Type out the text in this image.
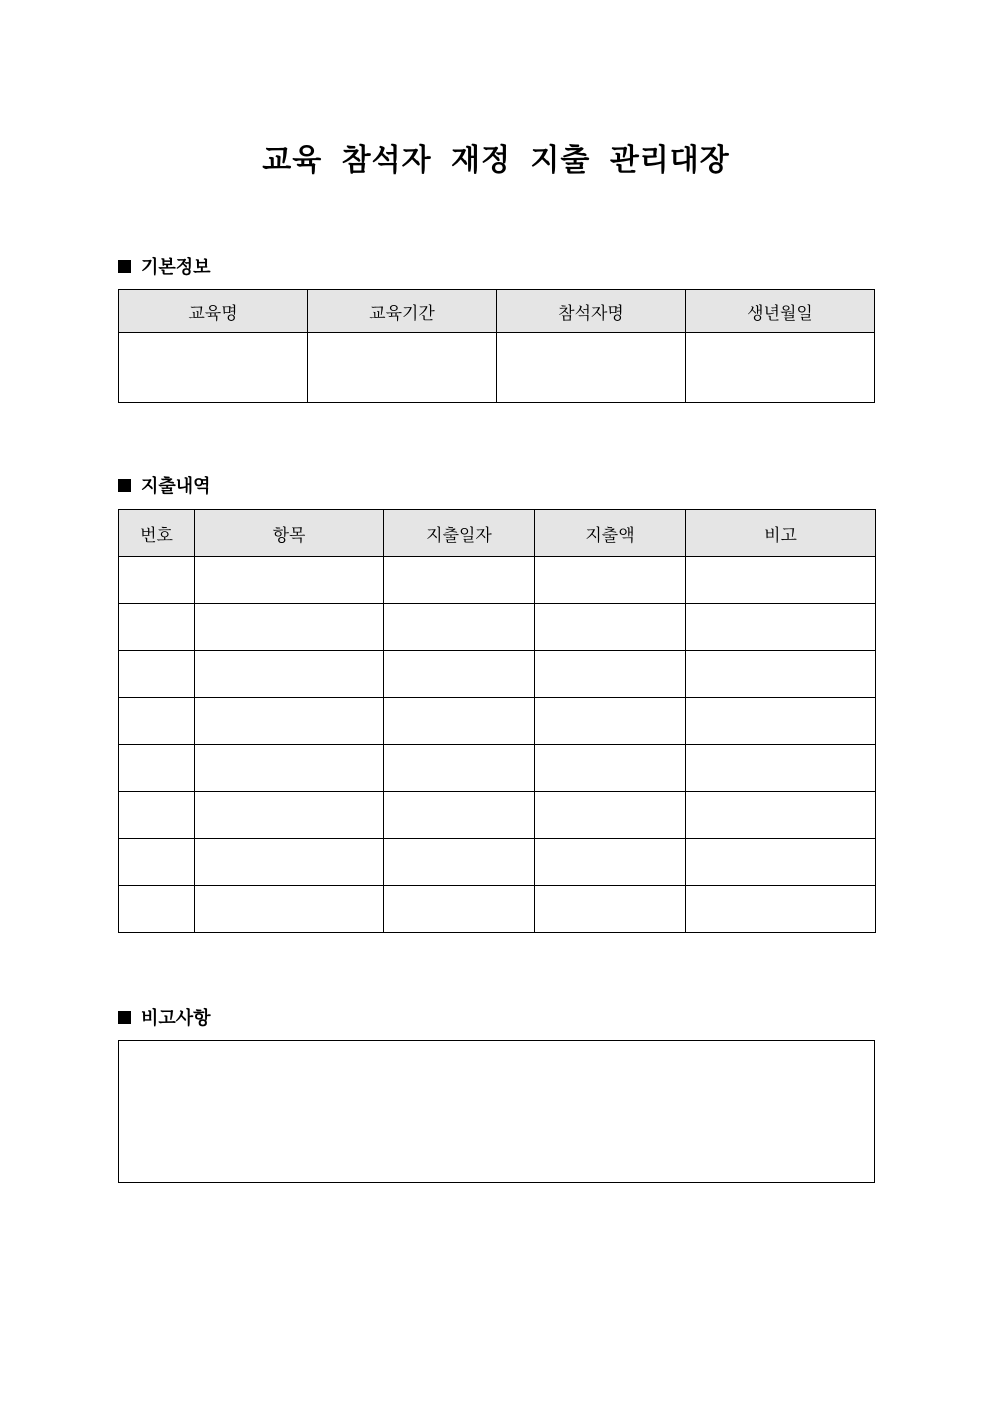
교육 참석자 재정 지출 관리대장
기본정보
교육명	교육기간	참석자명	생년월일

지출내역
번호	항목	지출일자	지출액	비고

비고사항
